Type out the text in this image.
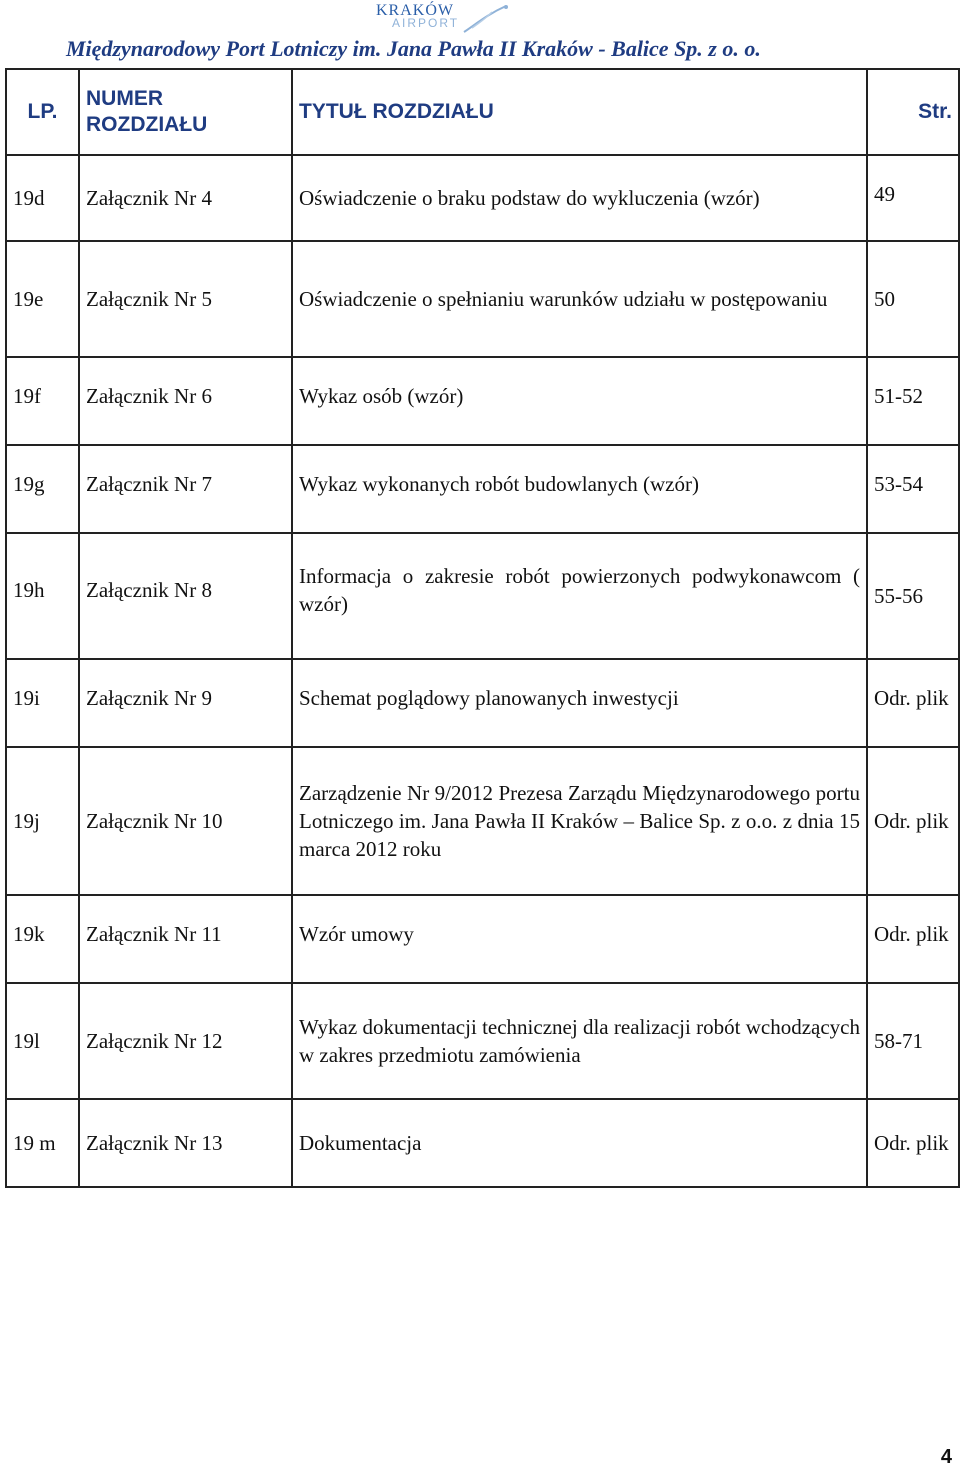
KRAKÓW
AIRPORT
Międzynarodowy Port Lotniczy im. Jana Pawła II Kraków - Balice Sp. z o. o.
LP.	NUMER ROZDZIAŁU	TYTUŁ ROZDZIAŁU	Str.
19d	Załącznik Nr 4	Oświadczenie o braku podstaw do wykluczenia (wzór)	49
19e	Załącznik Nr 5	Oświadczenie o spełnianiu warunków udziału w postępowaniu	50
19f	Załącznik Nr 6	Wykaz osób (wzór)	51-52
19g	Załącznik Nr 7	Wykaz wykonanych robót budowlanych (wzór)	53-54
19h	Załącznik Nr 8	Informacja o zakresie robót powierzonych podwykonawcom ( wzór)	55-56
19i	Załącznik Nr 9	Schemat poglądowy planowanych inwestycji	Odr. plik
19j	Załącznik Nr 10	Zarządzenie Nr 9/2012 Prezesa Zarządu Międzynarodowego portu Lotniczego im. Jana Pawła II Kraków – Balice Sp. z o.o. z dnia 15 marca 2012 roku	Odr. plik
19k	Załącznik Nr 11	Wzór umowy	Odr. plik
19l	Załącznik Nr 12	Wykaz dokumentacji technicznej dla realizacji robót wchodzących w zakres przedmiotu zamówienia	58-71
19 m	Załącznik Nr 13	Dokumentacja	Odr. plik
4
